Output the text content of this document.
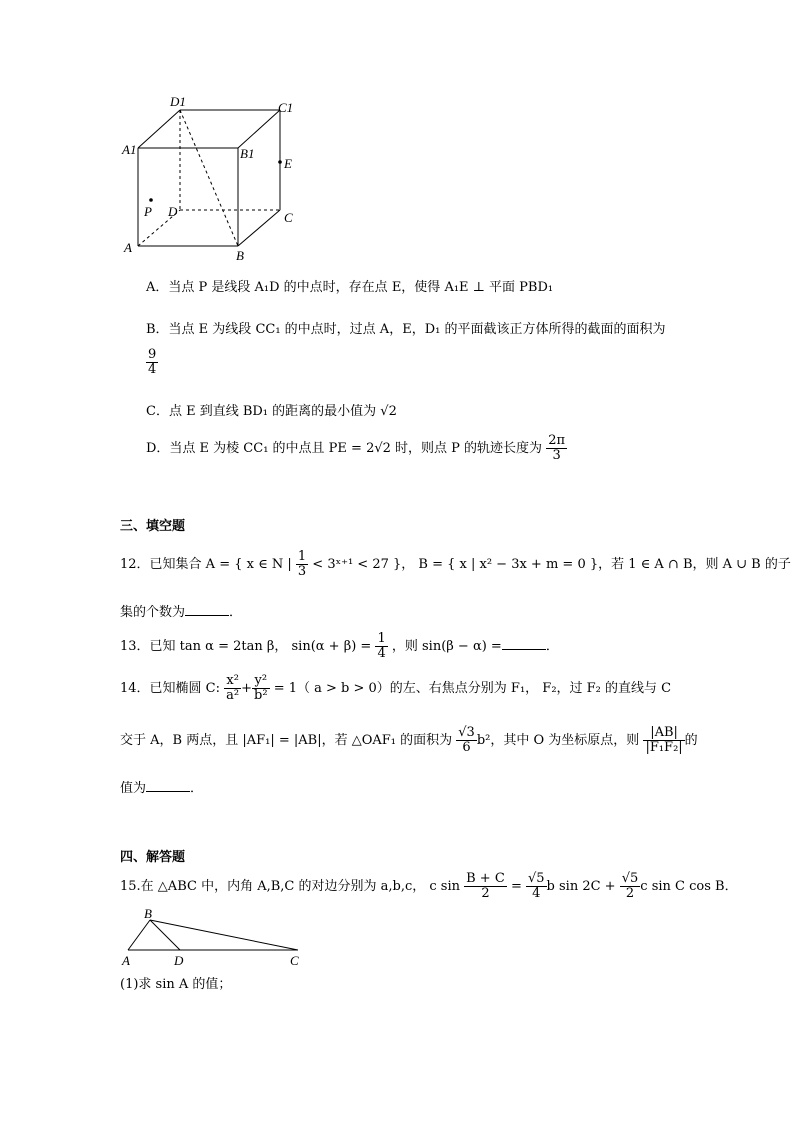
D1	C1
A1	B1
E
P D	C
A
B
A．当点 P 是线段 A₁D 的中点时，存在点 E，使得 A₁E ⊥ 平面 PBD₁
B．当点 E 为线段 CC₁ 的中点时，过点 A，E，D₁ 的平面截该正方体所得的截面的面积为
$\frac{9}{4}$
C．点 E 到直线 BD₁ 的距离的最小值为 √2
D．当点 E 为棱 CC₁ 的中点且 PE = 2√2 时，则点 P 的轨迹长度为 $\frac{2\pi}{3}$
三、填空题
12．已知集合 A = { x ∈ N | $\frac{1}{3}$ < 3ˣ⁺¹ < 27 }， B = { x | x² − 3x + m = 0 }，若 1 ∈ A ∩ B，则 A ∪ B 的子
集的个数为	．
13．已知 tan α = 2tan β， $\sin(\alpha + \beta) = \frac{1}{4}$ ，则 sin(β − α) =	．
14．已知椭圆 C: $\frac{\text{x²}}{\text{a²}} + \frac{\text{y²}}{\text{b²}} = 1$（ a > b > 0）的左、右焦点分别为 F₁， F₂，过 F₂ 的直线与 C
交于 A，B 两点，且 |AF₁| = |AB|，若 △OAF₁ 的面积为 $\frac{√3}{6} b^2$，其中 O 为坐标原点，则 $\frac{|AB|}{\text{|F₁F₂|}}$ 的
值为	．
四、解答题
15.在 △ABC 中，内角 A,B,C 的对边分别为 a,b,c， c $\sin \frac{B + C}{2} = \frac{√5}{4}$ b $\sin 2C + \frac{√5}{2}$ c sin C cos B．
B
A	D	C
(1)求 sin A 的值；
